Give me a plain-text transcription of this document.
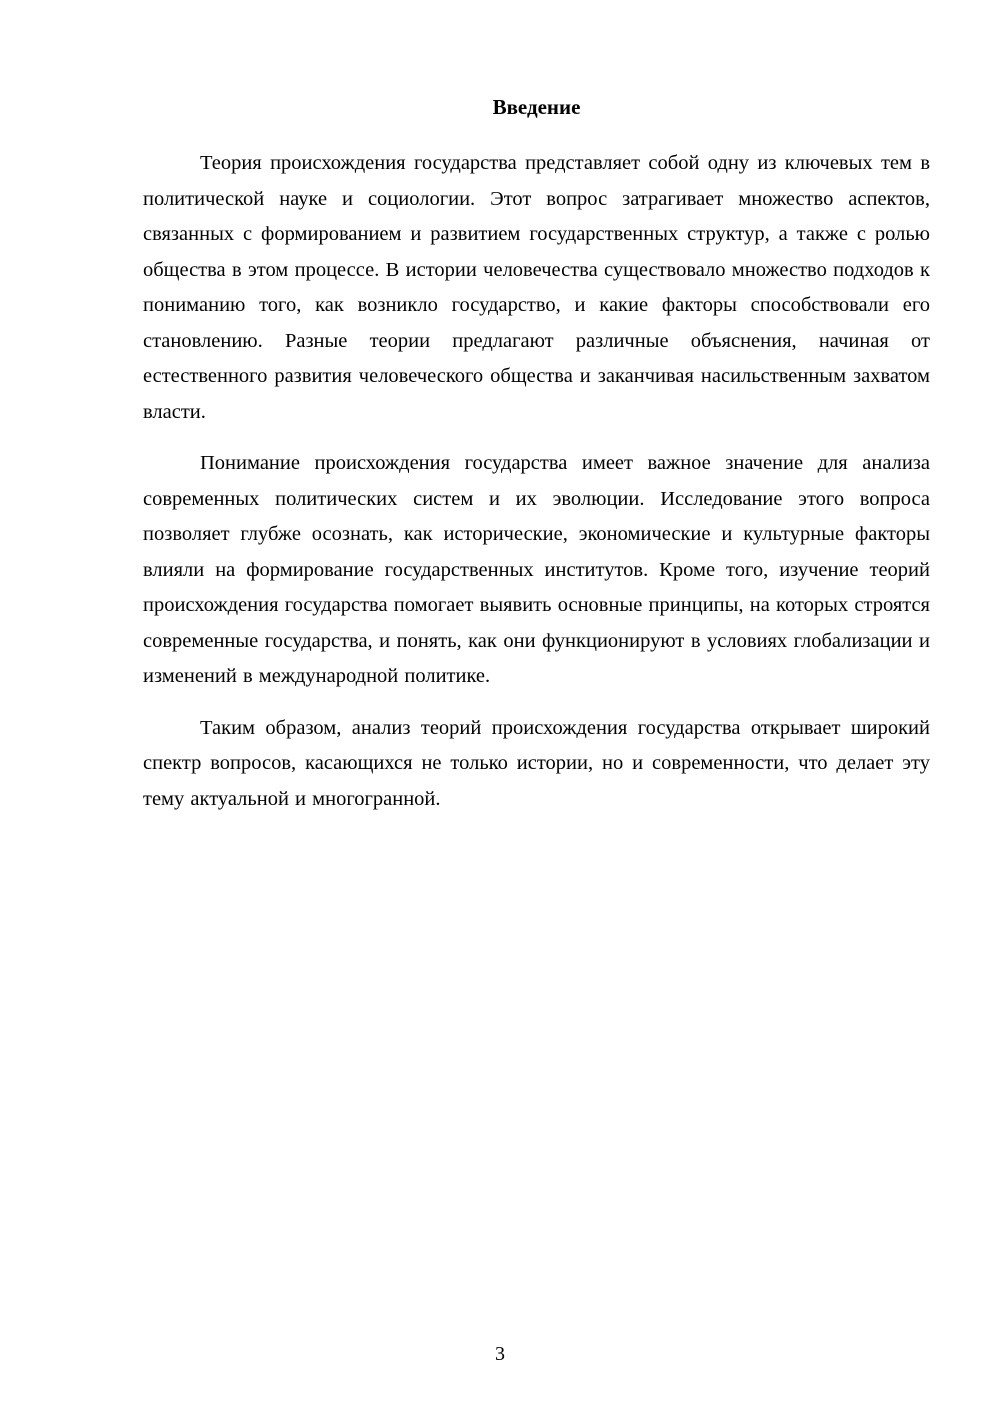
Введение

Теория происхождения государства представляет собой одну из ключевых тем в политической науке и социологии. Этот вопрос затрагивает множество аспектов, связанных с формированием и развитием государственных структур, а также с ролью общества в этом процессе. В истории человечества существовало множество подходов к пониманию того, как возникло государство, и какие факторы способствовали его становлению. Разные теории предлагают различные объяснения, начиная от естественного развития человеческого общества и заканчивая насильственным захватом власти.

Понимание происхождения государства имеет важное значение для анализа современных политических систем и их эволюции. Исследование этого вопроса позволяет глубже осознать, как исторические, экономические и культурные факторы влияли на формирование государственных институтов. Кроме того, изучение теорий происхождения государства помогает выявить основные принципы, на которых строятся современные государства, и понять, как они функционируют в условиях глобализации и изменений в международной политике.

Таким образом, анализ теорий происхождения государства открывает широкий спектр вопросов, касающихся не только истории, но и современности, что делает эту тему актуальной и многогранной.

3
